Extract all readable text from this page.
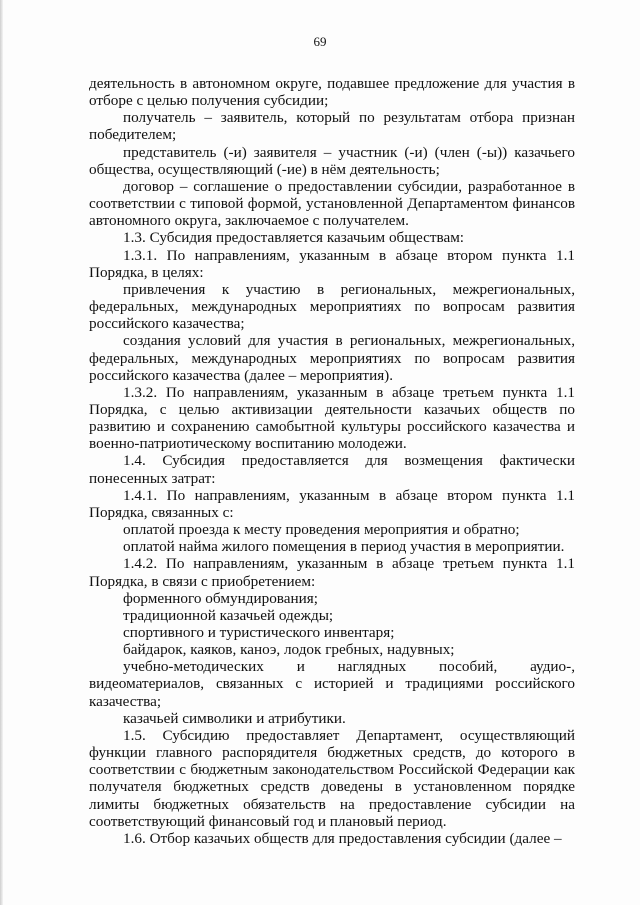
69

деятельность в автономном округе, подавшее предложение для участия в отборе с целью получения субсидии;

получатель – заявитель, который по результатам отбора признан победителем;

представитель (-и) заявителя – участник (-и) (член (-ы)) казачьего общества, осуществляющий (-ие) в нём деятельность;

договор – соглашение о предоставлении субсидии, разработанное в соответствии с типовой формой, установленной Департаментом финансов автономного округа, заключаемое с получателем.

1.3. Субсидия предоставляется казачьим обществам:

1.3.1. По направлениям, указанным в абзаце втором пункта 1.1 Порядка, в целях:

привлечения к участию в региональных, межрегиональных, федеральных, международных мероприятиях по вопросам развития российского казачества;

создания условий для участия в региональных, межрегиональных, федеральных, международных мероприятиях по вопросам развития российского казачества (далее – мероприятия).

1.3.2. По направлениям, указанным в абзаце третьем пункта 1.1 Порядка, с целью активизации деятельности казачьих обществ по развитию и сохранению самобытной культуры российского казачества и военно-патриотическому воспитанию молодежи.

1.4. Субсидия предоставляется для возмещения фактически понесенных затрат:

1.4.1. По направлениям, указанным в абзаце втором пункта 1.1 Порядка, связанных с:

оплатой проезда к месту проведения мероприятия и обратно;

оплатой найма жилого помещения в период участия в мероприятии.

1.4.2. По направлениям, указанным в абзаце третьем пункта 1.1 Порядка, в связи с приобретением:

форменного обмундирования;

традиционной казачьей одежды;

спортивного и туристического инвентаря;

байдарок, каяков, каноэ, лодок гребных, надувных;

учебно-методических и наглядных пособий, аудио-, видеоматериалов, связанных с историей и традициями российского казачества;

казачьей символики и атрибутики.

1.5. Субсидию предоставляет Департамент, осуществляющий функции главного распорядителя бюджетных средств, до которого в соответствии с бюджетным законодательством Российской Федерации как получателя бюджетных средств доведены в установленном порядке лимиты бюджетных обязательств на предоставление субсидии на соответствующий финансовый год и плановый период.

1.6. Отбор казачьих обществ для предоставления субсидии (далее –
